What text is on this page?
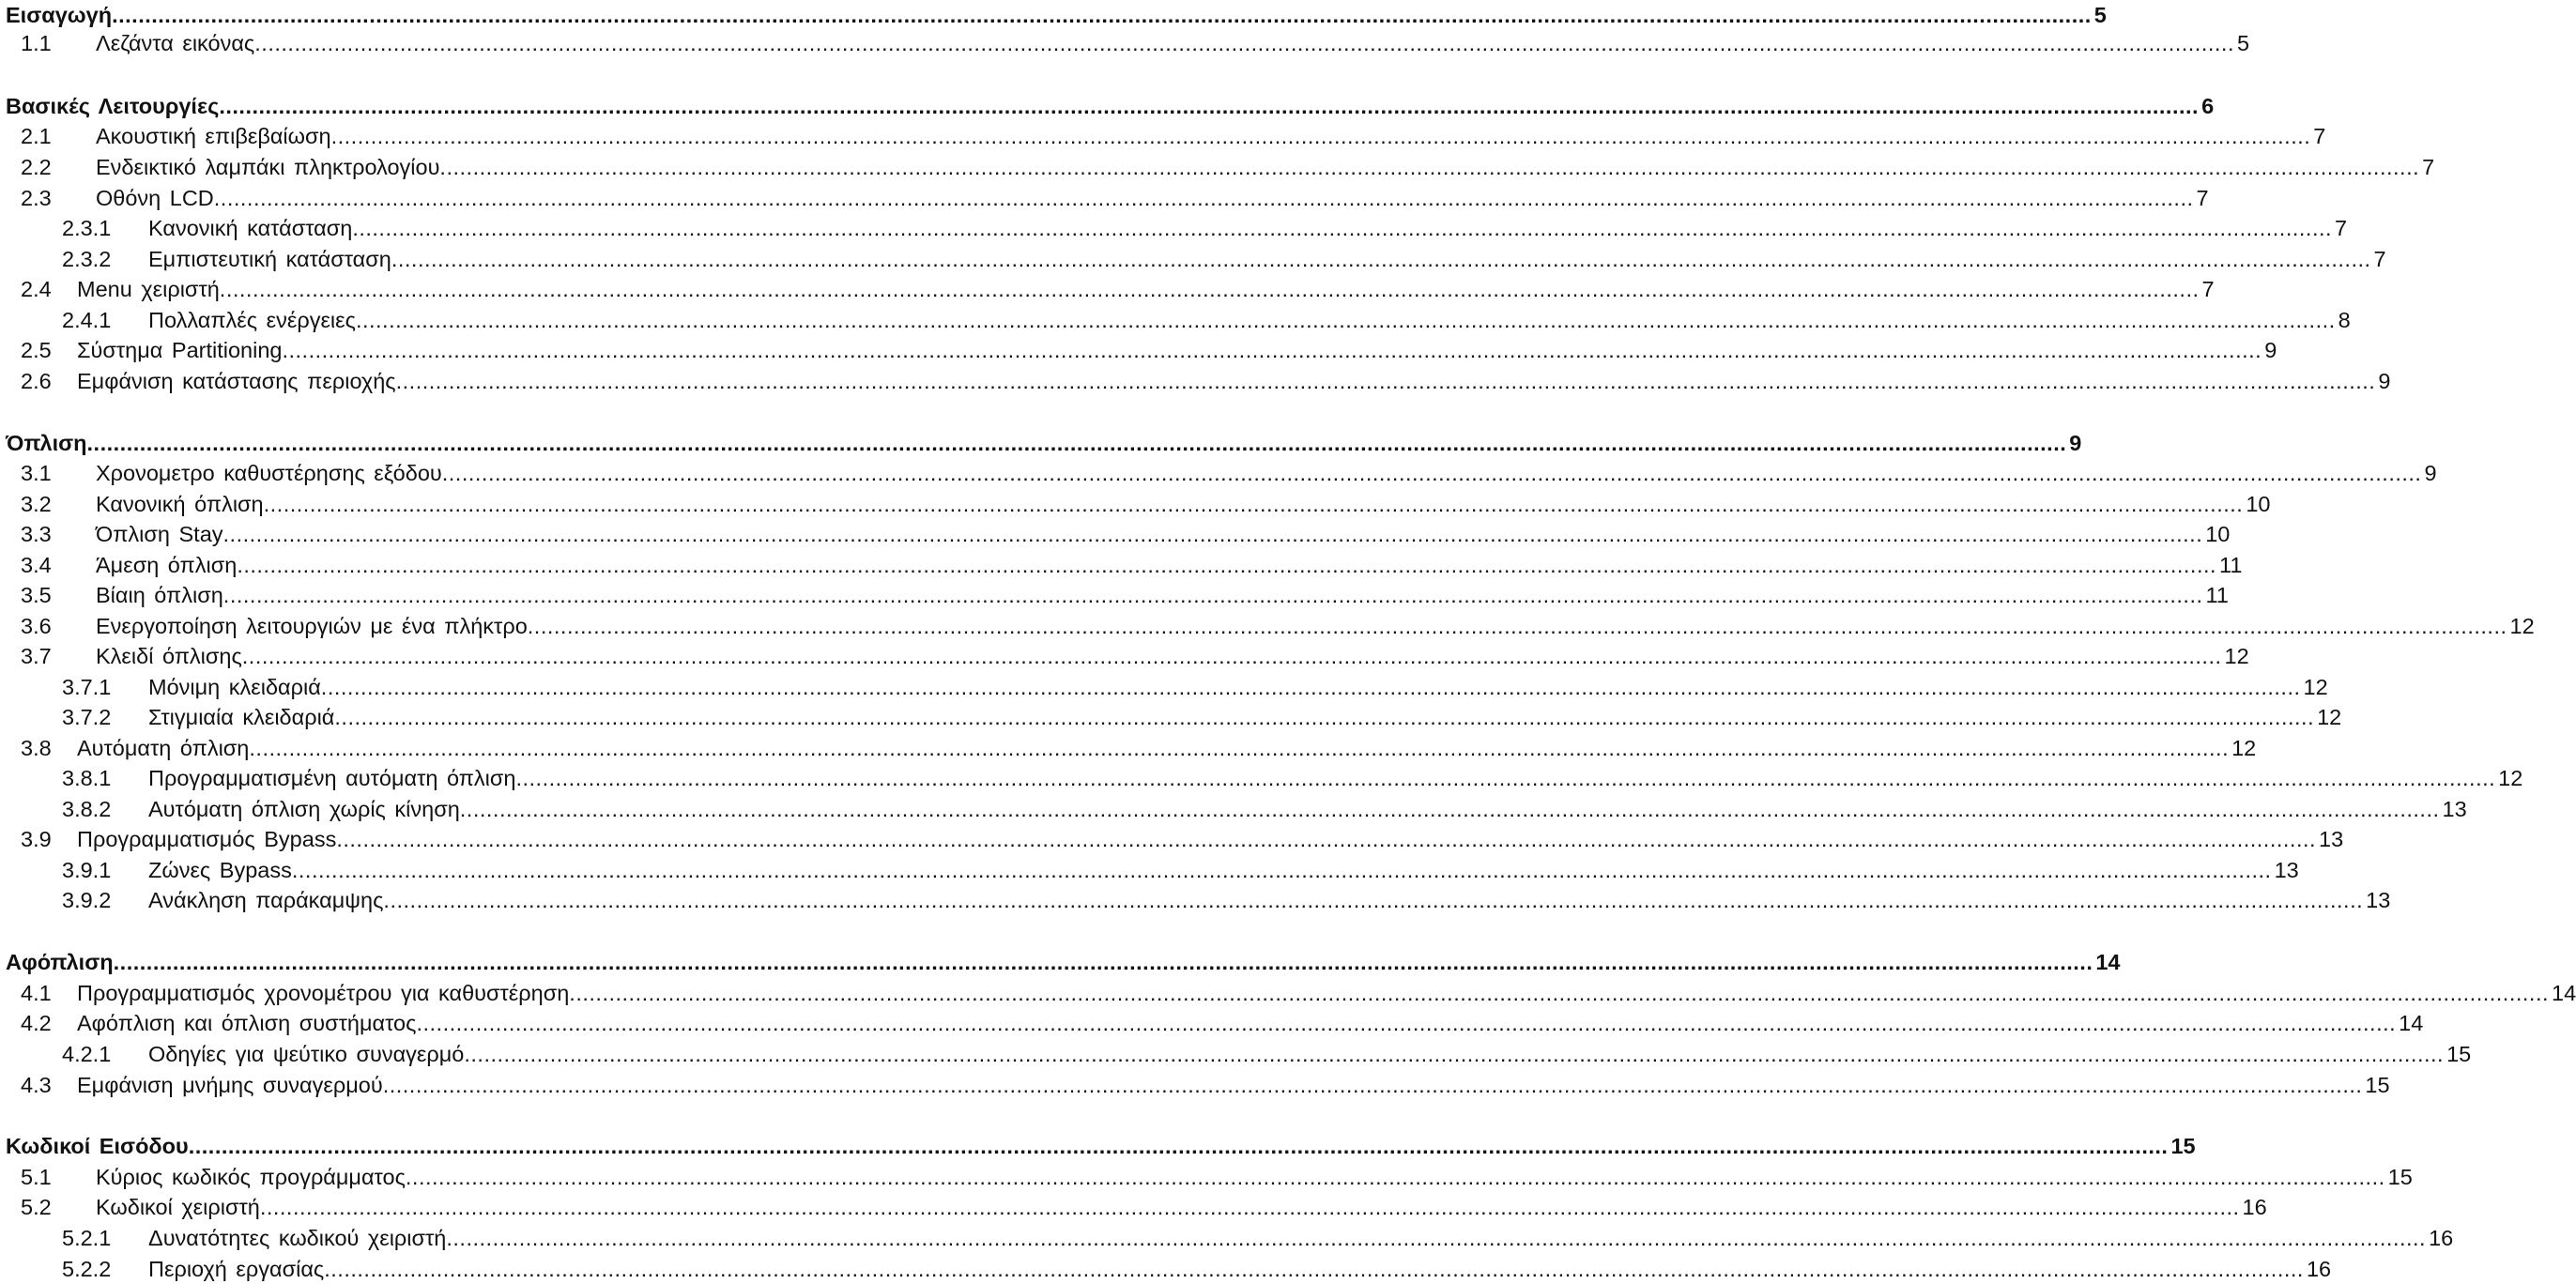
Εισαγωγή ............................................................................................................................................................................................................................................................................................................ 5
1.1 Λεζάντα εικόνας ............................................................................................................................................................................................................................................................................................................ 5
Βασικές Λειτουργίες ............................................................................................................................................................................................................................................................................................................ 6
2.1 Ακουστική επιβεβαίωση ............................................................................................................................................................................................................................................................................................................ 7
2.2 Ενδεικτικό λαμπάκι πληκτρολογίου ............................................................................................................................................................................................................................................................................................................ 7
2.3 Οθόνη LCD ............................................................................................................................................................................................................................................................................................................ 7
2.3.1 Κανονική κατάσταση ............................................................................................................................................................................................................................................................................................................ 7
2.3.2 Εμπιστευτική κατάσταση ............................................................................................................................................................................................................................................................................................................ 7
2.4 Menu χειριστή ............................................................................................................................................................................................................................................................................................................ 7
2.4.1 Πολλαπλές ενέργειες ............................................................................................................................................................................................................................................................................................................ 8
2.5 Σύστημα Partitioning ............................................................................................................................................................................................................................................................................................................ 9
2.6 Εμφάνιση κατάστασης περιοχής ............................................................................................................................................................................................................................................................................................................ 9
Όπλιση ............................................................................................................................................................................................................................................................................................................ 9
3.1 Χρονομετρο καθυστέρησης εξόδου ............................................................................................................................................................................................................................................................................................................ 9
3.2 Κανονική όπλιση ............................................................................................................................................................................................................................................................................................................ 10
3.3 Όπλιση Stay ............................................................................................................................................................................................................................................................................................................ 10
3.4 Άμεση όπλιση ............................................................................................................................................................................................................................................................................................................ 11
3.5 Βίαιη όπλιση ............................................................................................................................................................................................................................................................................................................ 11
3.6 Ενεργοποίηση λειτουργιών με ένα πλήκτρο ............................................................................................................................................................................................................................................................................................................ 12
3.7 Κλειδί όπλισης ............................................................................................................................................................................................................................................................................................................ 12
3.7.1 Μόνιμη κλειδαριά ............................................................................................................................................................................................................................................................................................................ 12
3.7.2 Στιγμιαία κλειδαριά ............................................................................................................................................................................................................................................................................................................ 12
3.8 Αυτόματη όπλιση ............................................................................................................................................................................................................................................................................................................ 12
3.8.1 Προγραμματισμένη αυτόματη όπλιση ............................................................................................................................................................................................................................................................................................................ 12
3.8.2 Αυτόματη όπλιση χωρίς κίνηση ............................................................................................................................................................................................................................................................................................................ 13
3.9 Προγραμματισμός Bypass ............................................................................................................................................................................................................................................................................................................ 13
3.9.1 Ζώνες Bypass ............................................................................................................................................................................................................................................................................................................ 13
3.9.2 Ανάκληση παράκαμψης ............................................................................................................................................................................................................................................................................................................ 13
Αφόπλιση ............................................................................................................................................................................................................................................................................................................ 14
4.1 Προγραμματισμός χρονομέτρου για καθυστέρηση ............................................................................................................................................................................................................................................................................................................ 14
4.2 Αφόπλιση και όπλιση συστήματος ............................................................................................................................................................................................................................................................................................................ 14
4.2.1 Οδηγίες για ψεύτικο συναγερμό ............................................................................................................................................................................................................................................................................................................ 15
4.3 Εμφάνιση μνήμης συναγερμού ............................................................................................................................................................................................................................................................................................................ 15
Κωδικοί Εισόδου ............................................................................................................................................................................................................................................................................................................ 15
5.1 Κύριος κωδικός προγράμματος ............................................................................................................................................................................................................................................................................................................ 15
5.2 Κωδικοί χειριστή ............................................................................................................................................................................................................................................................................................................ 16
5.2.1 Δυνατότητες κωδικού χειριστή ............................................................................................................................................................................................................................................................................................................ 16
5.2.2 Περιοχή εργασίας ............................................................................................................................................................................................................................................................................................................ 16
